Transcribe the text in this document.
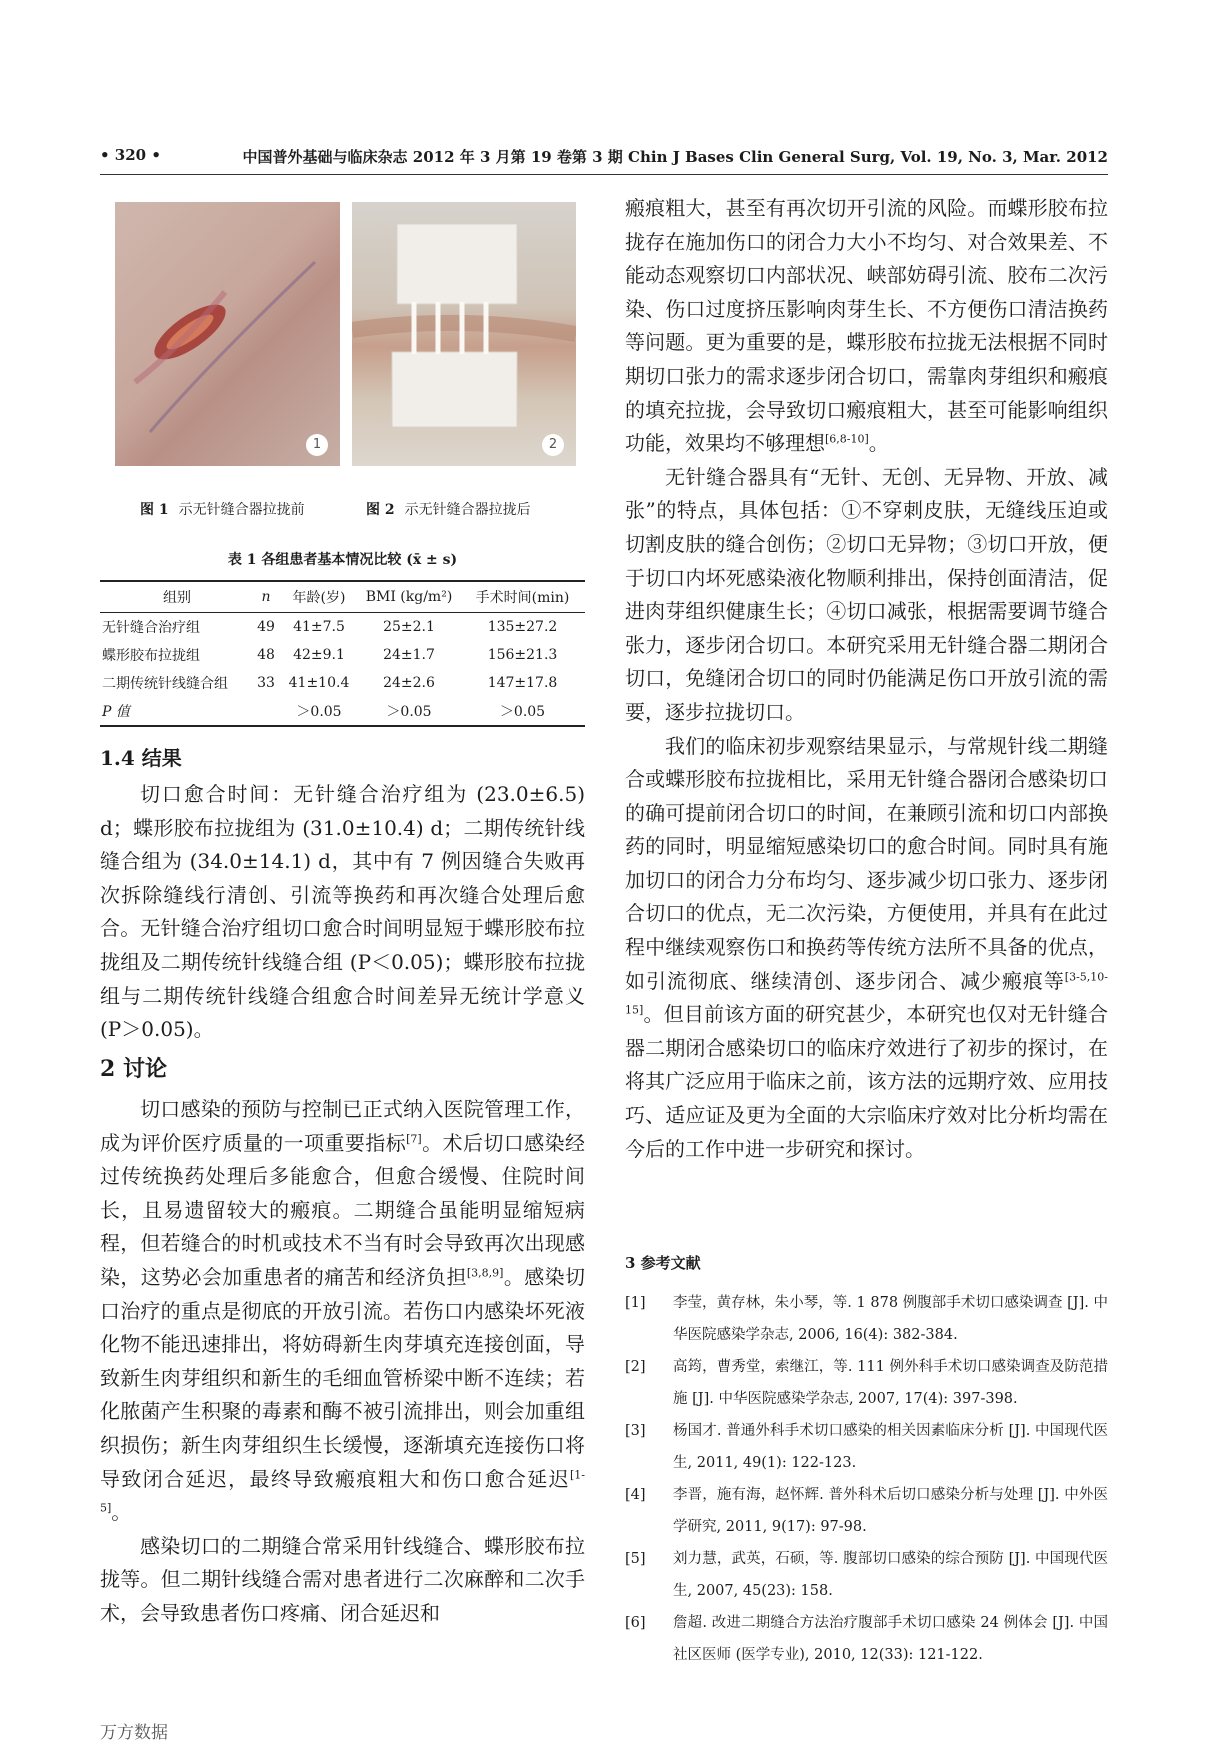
• 320 •	中国普外基础与临床杂志 2012 年 3 月第 19 卷第 3 期 Chin J Bases Clin General Surg, Vol. 19, No. 3, Mar. 2012
1	2
图 1 示无针缝合器拉拢前	图 2 示无针缝合器拉拢后
表 1 各组患者基本情况比较 (x̄ ± s)
组别	n	年龄(岁)	BMI (kg/m²)	手术时间(min)
无针缝合治疗组	49	41±7.5	25±2.1	135±27.2
蝶形胶布拉拢组	48	42±9.1	24±1.7	156±21.3
二期传统针线缝合组	33	41±10.4	24±2.6	147±17.8
P 值		＞0.05	＞0.05	＞0.05
1.4 结果

切口愈合时间：无针缝合治疗组为 (23.0±6.5) d；蝶形胶布拉拢组为 (31.0±10.4) d；二期传统针线缝合组为 (34.0±14.1) d，其中有 7 例因缝合失败再次拆除缝线行清创、引流等换药和再次缝合处理后愈合。无针缝合治疗组切口愈合时间明显短于蝶形胶布拉拢组及二期传统针线缝合组 (P＜0.05)；蝶形胶布拉拢组与二期传统针线缝合组愈合时间差异无统计学意义 (P＞0.05)。

2 讨论

切口感染的预防与控制已正式纳入医院管理工作，成为评价医疗质量的一项重要指标[7]。术后切口感染经过传统换药处理后多能愈合，但愈合缓慢、住院时间长，且易遗留较大的瘢痕。二期缝合虽能明显缩短病程，但若缝合的时机或技术不当有时会导致再次出现感染，这势必会加重患者的痛苦和经济负担[3,8,9]。感染切口治疗的重点是彻底的开放引流。若伤口内感染坏死液化物不能迅速排出，将妨碍新生肉芽填充连接创面，导致新生肉芽组织和新生的毛细血管桥梁中断不连续；若化脓菌产生积聚的毒素和酶不被引流排出，则会加重组织损伤；新生肉芽组织生长缓慢，逐渐填充连接伤口将导致闭合延迟，最终导致瘢痕粗大和伤口愈合延迟[1-5]。

感染切口的二期缝合常采用针线缝合、蝶形胶布拉拢等。但二期针线缝合需对患者进行二次麻醉和二次手术，会导致患者伤口疼痛、闭合延迟和

瘢痕粗大，甚至有再次切开引流的风险。而蝶形胶布拉拢存在施加伤口的闭合力大小不均匀、对合效果差、不能动态观察切口内部状况、峡部妨碍引流、胶布二次污染、伤口过度挤压影响肉芽生长、不方便伤口清洁换药等问题。更为重要的是，蝶形胶布拉拢无法根据不同时期切口张力的需求逐步闭合切口，需靠肉芽组织和瘢痕的填充拉拢，会导致切口瘢痕粗大，甚至可能影响组织功能，效果均不够理想[6,8-10]。

无针缝合器具有“无针、无创、无异物、开放、减张”的特点，具体包括：①不穿刺皮肤，无缝线压迫或切割皮肤的缝合创伤；②切口无异物；③切口开放，便于切口内坏死感染液化物顺利排出，保持创面清洁，促进肉芽组织健康生长；④切口减张，根据需要调节缝合张力，逐步闭合切口。本研究采用无针缝合器二期闭合切口，免缝闭合切口的同时仍能满足伤口开放引流的需要，逐步拉拢切口。

我们的临床初步观察结果显示，与常规针线二期缝合或蝶形胶布拉拢相比，采用无针缝合器闭合感染切口的确可提前闭合切口的时间，在兼顾引流和切口内部换药的同时，明显缩短感染切口的愈合时间。同时具有施加切口的闭合力分布均匀、逐步减少切口张力、逐步闭合切口的优点，无二次污染，方便使用，并具有在此过程中继续观察伤口和换药等传统方法所不具备的优点，如引流彻底、继续清创、逐步闭合、减少瘢痕等[3-5,10-15]。但目前该方面的研究甚少，本研究也仅对无针缝合器二期闭合感染切口的临床疗效进行了初步的探讨，在将其广泛应用于临床之前，该方法的远期疗效、应用技巧、适应证及更为全面的大宗临床疗效对比分析均需在今后的工作中进一步研究和探讨。

3 参考文献
[1] 李莹，黄存林，朱小琴，等. 1 878 例腹部手术切口感染调查 [J]. 中华医院感染学杂志, 2006, 16(4): 382-384.
[2] 高筠，曹秀堂，索继江，等. 111 例外科手术切口感染调查及防范措施 [J]. 中华医院感染学杂志, 2007, 17(4): 397-398.
[3] 杨国才. 普通外科手术切口感染的相关因素临床分析 [J]. 中国现代医生, 2011, 49(1): 122-123.
[4] 李晋，施有海，赵怀辉. 普外科术后切口感染分析与处理 [J]. 中外医学研究, 2011, 9(17): 97-98.
[5] 刘力慧，武英，石硕，等. 腹部切口感染的综合预防 [J]. 中国现代医生, 2007, 45(23): 158.
[6] 詹超. 改进二期缝合方法治疗腹部手术切口感染 24 例体会 [J]. 中国社区医师 (医学专业), 2010, 12(33): 121-122.
万方数据
